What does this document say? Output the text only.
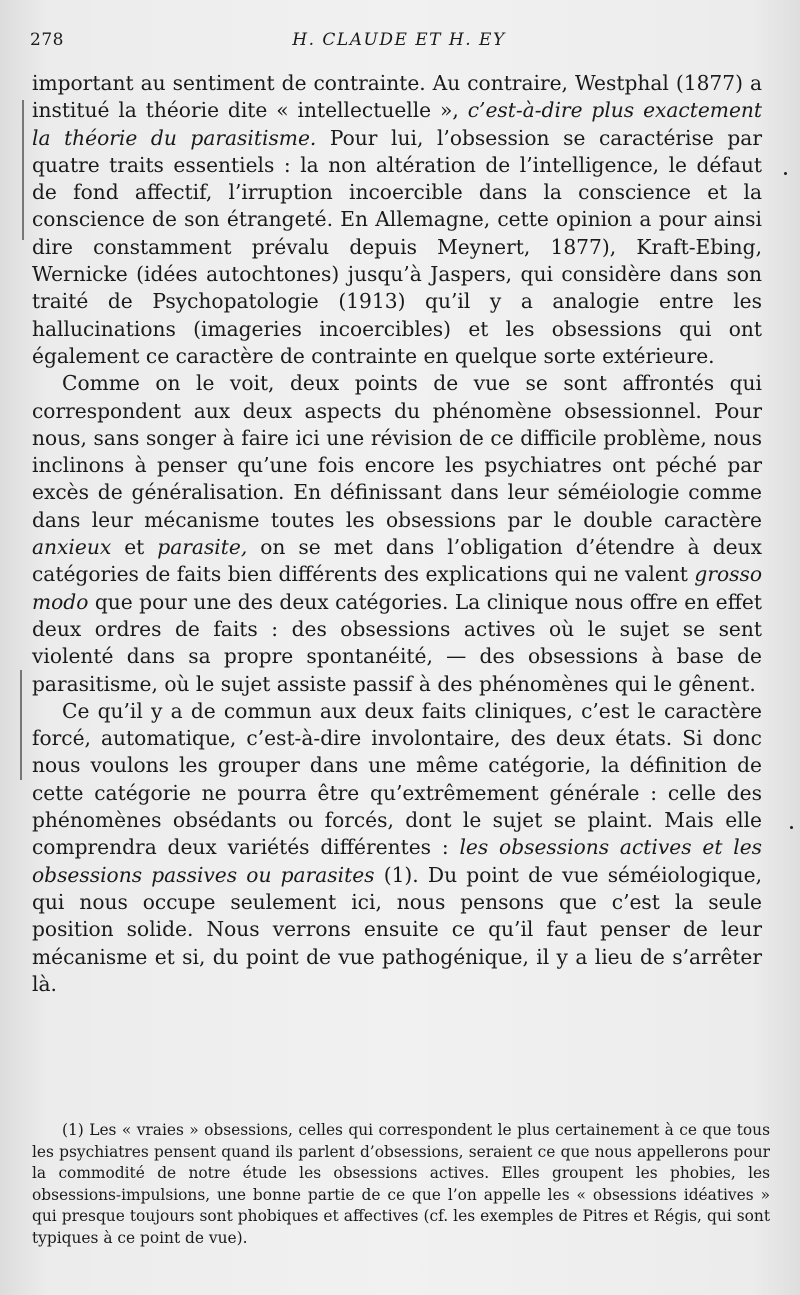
278	H. CLAUDE ET H. EY

important au sentiment de contrainte. Au contraire, Westphal (1877) a institué la théorie dite « intellectuelle », c’est-à-dire plus exactement la théorie du parasitisme. Pour lui, l’obsession se caractérise par quatre traits essentiels : la non altération de l’intelligence, le défaut de fond affectif, l’irruption incoercible dans la conscience et la conscience de son étrangeté. En Allemagne, cette opinion a pour ainsi dire constamment prévalu depuis Meynert, 1877), Kraft-Ebing, Wernicke (idées autochtones) jusqu’à Jaspers, qui considère dans son traité de Psychopatologie (1913) qu’il y a analogie entre les hallucinations (imageries incoercibles) et les obsessions qui ont également ce caractère de contrainte en quelque sorte extérieure.

Comme on le voit, deux points de vue se sont affrontés qui correspondent aux deux aspects du phénomène obsessionnel. Pour nous, sans songer à faire ici une révision de ce difficile problème, nous inclinons à penser qu’une fois encore les psychiatres ont péché par excès de généralisation. En définissant dans leur séméiologie comme dans leur mécanisme toutes les obsessions par le double caractère anxieux et parasite, on se met dans l’obligation d’étendre à deux catégories de faits bien différents des explications qui ne valent grosso modo que pour une des deux catégories. La clinique nous offre en effet deux ordres de faits : des obsessions actives où le sujet se sent violenté dans sa propre spontanéité, — des obsessions à base de parasitisme, où le sujet assiste passif à des phénomènes qui le gênent.

Ce qu’il y a de commun aux deux faits cliniques, c’est le caractère forcé, automatique, c’est-à-dire involontaire, des deux états. Si donc nous voulons les grouper dans une même catégorie, la définition de cette catégorie ne pourra être qu’extrêmement générale : celle des phénomènes obsédants ou forcés, dont le sujet se plaint. Mais elle comprendra deux variétés différentes : les obsessions actives et les obsessions passives ou parasites (1). Du point de vue séméiologique, qui nous occupe seulement ici, nous pensons que c’est la seule position solide. Nous verrons ensuite ce qu’il faut penser de leur mécanisme et si, du point de vue pathogénique, il y a lieu de s’arrêter là.

(1) Les « vraies » obsessions, celles qui correspondent le plus certainement à ce que tous les psychiatres pensent quand ils parlent d’obsessions, seraient ce que nous appellerons pour la commodité de notre étude les obsessions actives. Elles groupent les phobies, les obsessions-impulsions, une bonne partie de ce que l’on appelle les « obsessions idéatives » qui presque toujours sont phobiques et affectives (cf. les exemples de Pitres et Régis, qui sont typiques à ce point de vue).
